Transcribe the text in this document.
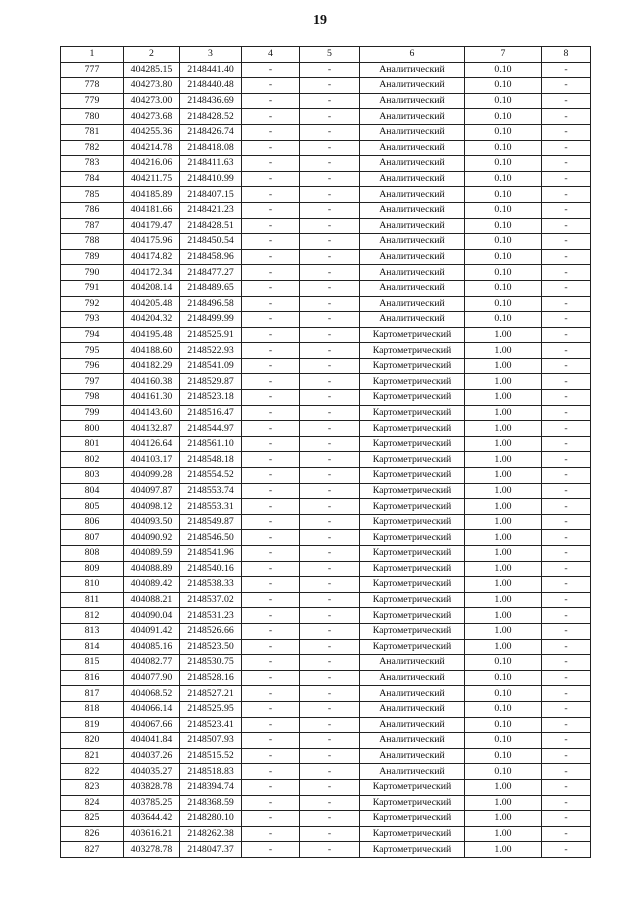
19
1	2	3	4	5	6	7	8
777	404285.15	2148441.40	-	-	Аналитический	0.10	-
778	404273.80	2148440.48	-	-	Аналитический	0.10	-
779	404273.00	2148436.69	-	-	Аналитический	0.10	-
780	404273.68	2148428.52	-	-	Аналитический	0.10	-
781	404255.36	2148426.74	-	-	Аналитический	0.10	-
782	404214.78	2148418.08	-	-	Аналитический	0.10	-
783	404216.06	2148411.63	-	-	Аналитический	0.10	-
784	404211.75	2148410.99	-	-	Аналитический	0.10	-
785	404185.89	2148407.15	-	-	Аналитический	0.10	-
786	404181.66	2148421.23	-	-	Аналитический	0.10	-
787	404179.47	2148428.51	-	-	Аналитический	0.10	-
788	404175.96	2148450.54	-	-	Аналитический	0.10	-
789	404174.82	2148458.96	-	-	Аналитический	0.10	-
790	404172.34	2148477.27	-	-	Аналитический	0.10	-
791	404208.14	2148489.65	-	-	Аналитический	0.10	-
792	404205.48	2148496.58	-	-	Аналитический	0.10	-
793	404204.32	2148499.99	-	-	Аналитический	0.10	-
794	404195.48	2148525.91	-	-	Картометрический	1.00	-
795	404188.60	2148522.93	-	-	Картометрический	1.00	-
796	404182.29	2148541.09	-	-	Картометрический	1.00	-
797	404160.38	2148529.87	-	-	Картометрический	1.00	-
798	404161.30	2148523.18	-	-	Картометрический	1.00	-
799	404143.60	2148516.47	-	-	Картометрический	1.00	-
800	404132.87	2148544.97	-	-	Картометрический	1.00	-
801	404126.64	2148561.10	-	-	Картометрический	1.00	-
802	404103.17	2148548.18	-	-	Картометрический	1.00	-
803	404099.28	2148554.52	-	-	Картометрический	1.00	-
804	404097.87	2148553.74	-	-	Картометрический	1.00	-
805	404098.12	2148553.31	-	-	Картометрический	1.00	-
806	404093.50	2148549.87	-	-	Картометрический	1.00	-
807	404090.92	2148546.50	-	-	Картометрический	1.00	-
808	404089.59	2148541.96	-	-	Картометрический	1.00	-
809	404088.89	2148540.16	-	-	Картометрический	1.00	-
810	404089.42	2148538.33	-	-	Картометрический	1.00	-
811	404088.21	2148537.02	-	-	Картометрический	1.00	-
812	404090.04	2148531.23	-	-	Картометрический	1.00	-
813	404091.42	2148526.66	-	-	Картометрический	1.00	-
814	404085.16	2148523.50	-	-	Картометрический	1.00	-
815	404082.77	2148530.75	-	-	Аналитический	0.10	-
816	404077.90	2148528.16	-	-	Аналитический	0.10	-
817	404068.52	2148527.21	-	-	Аналитический	0.10	-
818	404066.14	2148525.95	-	-	Аналитический	0.10	-
819	404067.66	2148523.41	-	-	Аналитический	0.10	-
820	404041.84	2148507.93	-	-	Аналитический	0.10	-
821	404037.26	2148515.52	-	-	Аналитический	0.10	-
822	404035.27	2148518.83	-	-	Аналитический	0.10	-
823	403828.78	2148394.74	-	-	Картометрический	1.00	-
824	403785.25	2148368.59	-	-	Картометрический	1.00	-
825	403644.42	2148280.10	-	-	Картометрический	1.00	-
826	403616.21	2148262.38	-	-	Картометрический	1.00	-
827	403278.78	2148047.37	-	-	Картометрический	1.00	-
